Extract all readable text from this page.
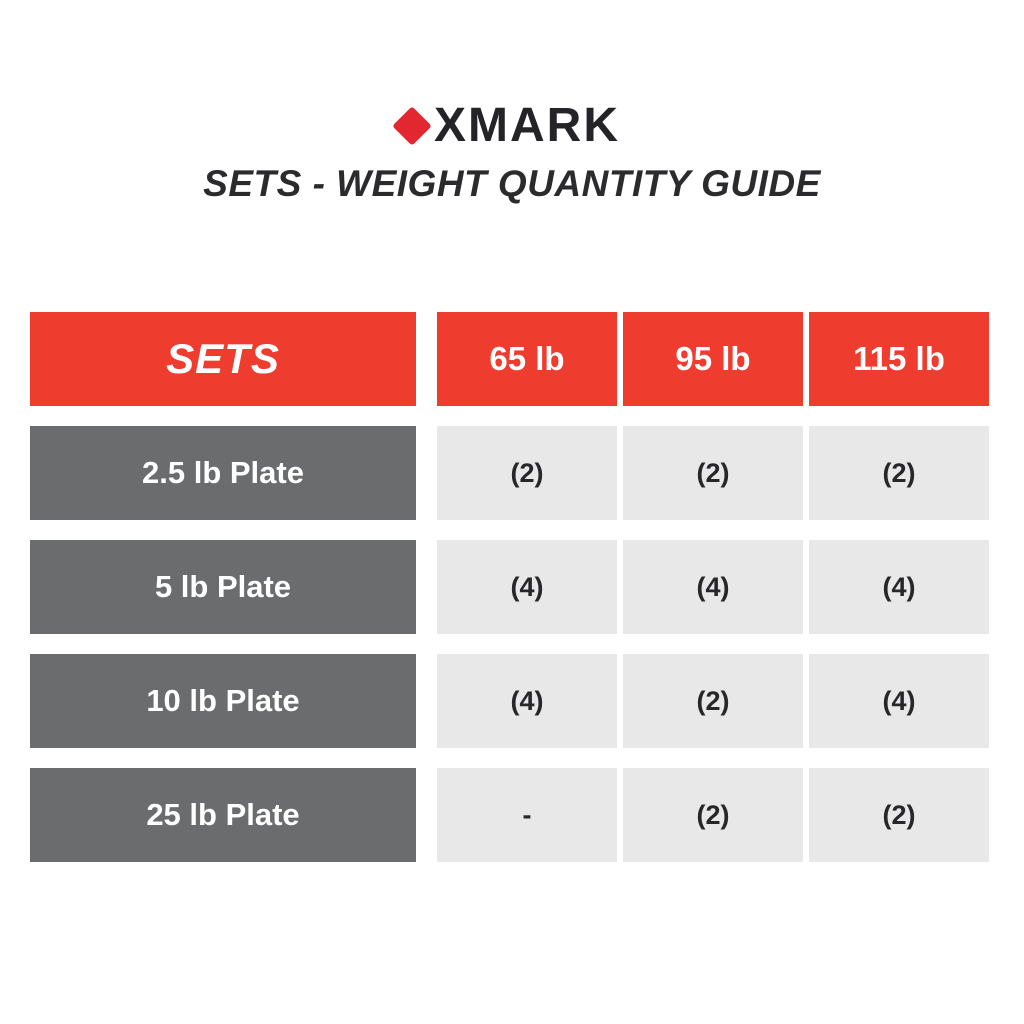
XMARK
SETS - WEIGHT QUANTITY GUIDE
SETS	65 lb	95 lb	115 lb
2.5 lb Plate	(2)	(2)	(2)
5 lb Plate	(4)	(4)	(4)
10 lb Plate	(4)	(2)	(4)
25 lb Plate	-	(2)	(2)
